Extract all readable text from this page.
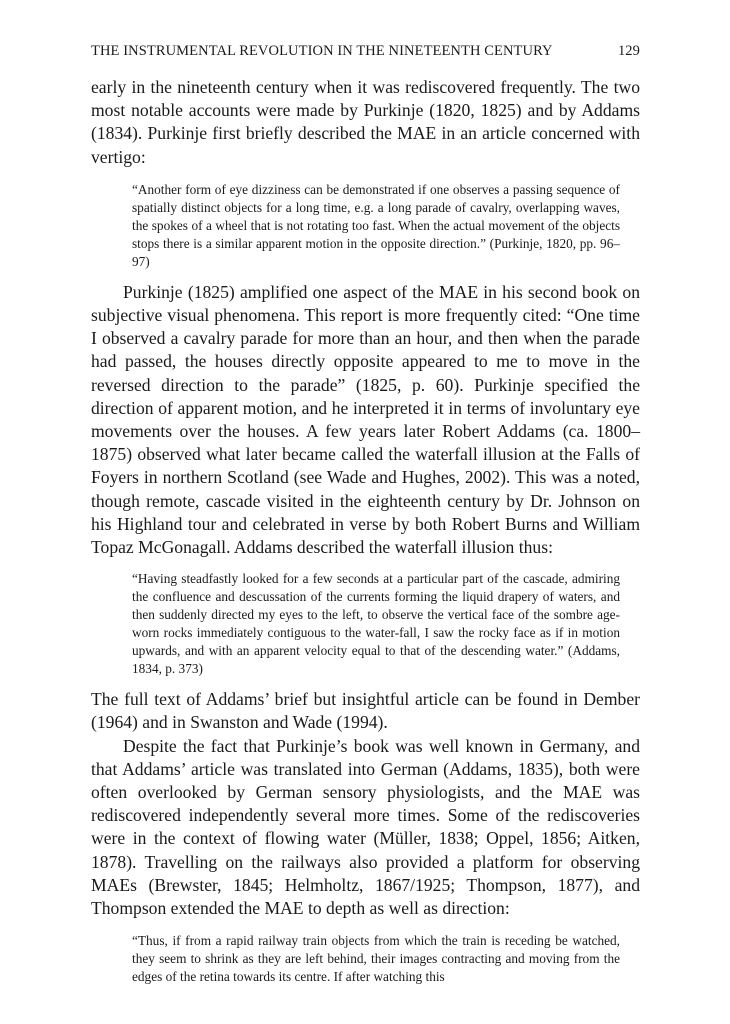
THE INSTRUMENTAL REVOLUTION IN THE NINETEENTH CENTURY	129

early in the nineteenth century when it was rediscovered frequently. The two most notable accounts were made by Purkinje (1820, 1825) and by Addams (1834). Purkinje first briefly described the MAE in an article concerned with vertigo:

“Another form of eye dizziness can be demonstrated if one observes a passing sequence of spatially distinct objects for a long time, e.g. a long parade of cavalry, overlapping waves, the spokes of a wheel that is not rotating too fast. When the actual movement of the objects stops there is a similar apparent motion in the opposite direction.” (Purkinje, 1820, pp. 96–97)

Purkinje (1825) amplified one aspect of the MAE in his second book on subjective visual phenomena. This report is more frequently cited: “One time I observed a cavalry parade for more than an hour, and then when the parade had passed, the houses directly opposite appeared to me to move in the reversed direction to the parade” (1825, p. 60). Purkinje specified the direction of apparent motion, and he interpreted it in terms of involuntary eye movements over the houses. A few years later Robert Addams (ca. 1800–1875) observed what later became called the waterfall illusion at the Falls of Foyers in northern Scotland (see Wade and Hughes, 2002). This was a noted, though remote, cascade visited in the eighteenth century by Dr. Johnson on his Highland tour and celebrated in verse by both Robert Burns and William Topaz McGonagall. Addams described the waterfall illusion thus:

“Having steadfastly looked for a few seconds at a particular part of the cascade, admiring the confluence and descussation of the currents forming the liquid drapery of waters, and then suddenly directed my eyes to the left, to observe the vertical face of the sombre age-worn rocks immediately contiguous to the water-fall, I saw the rocky face as if in motion upwards, and with an apparent velocity equal to that of the descending water.” (Addams, 1834, p. 373)

The full text of Addams’ brief but insightful article can be found in Dember (1964) and in Swanston and Wade (1994).

Despite the fact that Purkinje’s book was well known in Germany, and that Addams’ article was translated into German (Addams, 1835), both were often overlooked by German sensory physiologists, and the MAE was rediscovered independently several more times. Some of the rediscoveries were in the context of flowing water (Müller, 1838; Oppel, 1856; Aitken, 1878). Travelling on the railways also provided a platform for observing MAEs (Brewster, 1845; Helmholtz, 1867/1925; Thompson, 1877), and Thompson extended the MAE to depth as well as direction:

“Thus, if from a rapid railway train objects from which the train is receding be watched, they seem to shrink as they are left behind, their images contracting and moving from the edges of the retina towards its centre. If after watching this
